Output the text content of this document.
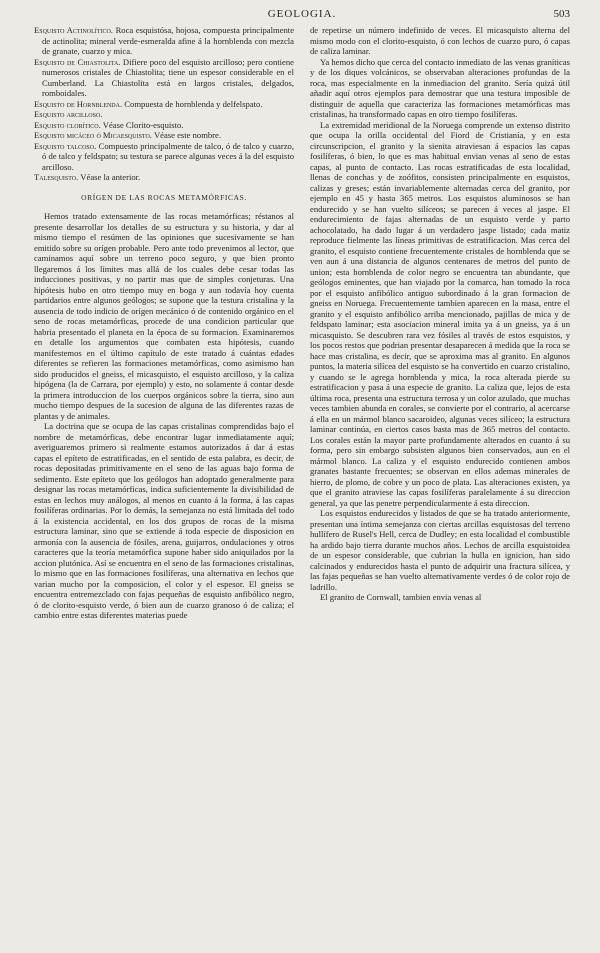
GEOLOGIA.	503

Esquisto Actinolítico. Roca esquistósa, hojosa, compuesta principalmente de actinolita; mineral verde-esmeralda afine á la hornblenda con mezcla de granate, cuarzo y mica.

Esquisto de Chiastolita. Difiere poco del esquisto arcilloso; pero contiene numerosos cristales de Chiastolita; tiene un espesor considerable en el Cumberland. La Chiastolita está en largos cristales, delgados, romboidales.

Esquisto de Hornblenda. Compuesta de hornblenda y delfelspato.

Esquisto arcilloso.

Esquisto clorítico. Véase Clorito-esquisto.

Esquisto micáceo ó Micaesquisto. Véase este nombre.

Esquisto talcoso. Compuesto principalmente de talco, ó de talco y cuarzo, ó de talco y feldspato; su testura se parece algunas veces á la del esquisto arcilloso.

Talesquisto. Véase la anterior.

ORÍGEN DE LAS ROCAS METAMÓRFICAS.

Hemos tratado extensamente de las rocas metamórficas; réstanos al presente desarrollar los detalles de su estructura y su historia, y dar al mismo tiempo el resúmen de las opiniones que sucesivamente se han emitido sobre su orígen probable. Pero ante todo prevenimos al lector, que caminamos aquí sobre un terreno poco seguro, y que bien pronto llegaremos á los límites mas allá de los cuales debe cesar todas las inducciones positivas, y no partir mas que de simples conjeturas. Una hipótesis hubo en otro tiempo muy en boga y aun todavía hoy cuenta partidarios entre algunos geólogos; se supone que la testura cristalina y la ausencia de todo indicio de orígen mecánico ó de contenido orgánico en el seno de rocas metamórficas, procede de una condicion particular que habria presentado el planeta en la época de su formacion. Examinaremos en detalle los argumentos que combaten esta hipótesis, cuando manifestemos en el último capítulo de este tratado á cuántas edades diferentes se refieren las formaciones metamórficas, como asimismo han sido producidos el gneiss, el micasquisto, el esquisto arcilloso, y la caliza hipógena (la de Carrara, por ejemplo) y esto, no solamente á contar desde la primera introduccion de los cuerpos orgánicos sobre la tierra, sino aun mucho tiempo despues de la sucesion de alguna de las diferentes razas de plantas y de animales.

La doctrina que se ocupa de las capas cristalinas comprendidas bajo el nombre de metamórficas, debe encontrar lugar inmediatamente aquí; averiguaremos primero si realmente estamos autorizados á dar á estas capas el epíteto de estratificadas, en el sentido de esta palabra, es decir, de rocas depositadas primitivamente en el seno de las aguas bajo forma de sedimento. Este epíteto que los geólogos han adoptado generalmente para designar las rocas metamórficas, indica suficientemente la divisibilidad de estas en lechos muy análogos, al menos en cuanto á la forma, á las capas fosilíferas ordinarias. Por lo demás, la semejanza no está limitada del todo á la existencia accidental, en los dos grupos de rocas de la misma estructura laminar, sino que se extiende á toda especie de disposicion en armonía con la ausencia de fósiles, arena, guijarros, ondulaciones y otros caracteres que la teoría metamórfica supone haber sido aniquilados por la accion plutónica. Así se encuentra en el seno de las formaciones cristalinas, lo mismo que en las formaciones fosilíferas, una alternativa en lechos que varian mucho por la composicion, el color y el espesor. El gneiss se encuentra entremezclado con fajas pequeñas de esquisto anfibólico negro, ó de clorito-esquisto verde, ó bien aun de cuarzo granoso ó de caliza; el cambio entre estas diferentes materias puede

de repetirse un número indefinido de veces. El micasquisto alterna del mismo modo con el clorito-esquisto, ó con lechos de cuarzo puro, ó capas de caliza laminar.

Ya hemos dicho que cerca del contacto inmediato de las venas graníticas y de los diques volcánicos, se observaban alteraciones profundas de la roca, mas especialmente en la inmediacion del granito. Sería quizá útil añadir aquí otros ejemplos para demostrar que una testura imposible de distinguir de aquella que caracteriza las formaciones metamórficas mas cristalinas, ha transformado capas en otro tiempo fosilíferas.

La extremidad meridional de la Noruega comprende un extenso distrito que ocupa la orilla occidental del Fiord de Cristianía, y en esta circunscripcion, el granito y la sienita atraviesan á espacios las capas fosilíferas, ó bien, lo que es mas habitual envian venas al seno de estas capas, al punto de contacto. Las rocas estratificadas de esta localidad, llenas de conchas y de zoófitos, consisten principalmente en esquistos, calizas y greses; están invariablemente alternadas cerca del granito, por ejemplo en 45 y hasta 365 metros. Los esquistos aluminosos se han endurecido y se han vuelto silíceos; se parecen á veces al jaspe. El endurecimiento de fajas alternadas de un esquisto verde y parto achocolatado, ha dado lugar á un verdadero jaspe listado; cada matiz reproduce fielmente las líneas primitivas de estratificacion. Mas cerca del granito, el esquisto contiene frecuentemente cristales de hornblenda que se ven aun á una distancia de algunos centenares de metros del punto de union; esta hornblenda de color negro se encuentra tan abundante, que geólogos eminentes, que han viajado por la comarca, han tomado la roca por el esquisto anfibólico antiguo subordinado á la gran formacion de gneiss en Noruega. Frecuentemente tambien aparecen en la masa, entre el granito y el esquisto anfibólico arriba mencionado, pajillas de mica y de feldspato laminar; esta asociacion mineral imita ya á un gneiss, ya á un micasquisto. Se descubren rara vez fósiles al través de estos esquistos, y los pocos restos que podrian presentar desaparecen á medida que la roca se hace mas cristalina, es decir, que se aproxima mas al granito. En algunos puntos, la materia silícea del esquisto se ha convertido en cuarzo cristalino, y cuando se le agrega hornblenda y mica, la roca alterada pierde su estratificacion y pasa á una especie de granito. La caliza que, lejos de esta última roca, presenta una estructura terrosa y un color azulado, que muchas veces tambien abunda en corales, se convierte por el contrario, al acercarse á ella en un mármol blanco sacaroideo, algunas veces silíceo; la estructura laminar continúa, en ciertos casos basta mas de 365 metros del contacto. Los corales están la mayor parte profundamente alterados en cuanto á su forma, pero sin embargo subsisten algunos bien conservados, aun en el mármol blanco. La caliza y el esquisto endurecido contienen ambos granates bastante frecuentes; se observan en ellos ademas minerales de hierro, de plomo, de cobre y un poco de plata. Las alteraciones existen, ya que el granito atraviese las capas fosilíferas paralelamente á su direccion general, ya que las penetre perpendicularmente á esta direccion.

Los esquistos endurecidos y listados de que se ha tratado anteriormente, presentan una íntima semejanza con ciertas arcillas esquistosas del terreno hullífero de Rusel's Hell, cerca de Dudley; en esta localidad el combustible ha ardido bajo tierra durante muchos años. Lechos de arcilla esquistoidea de un espesor considerable, que cubrian la hulla en ignicion, han sido calcinados y endurecidos hasta el punto de adquirir una fractura silícea, y las fajas pequeñas se han vuelto alternativamente verdes ó de color rojo de ladrillo.

El granito de Cornwall, tambien envia venas al
